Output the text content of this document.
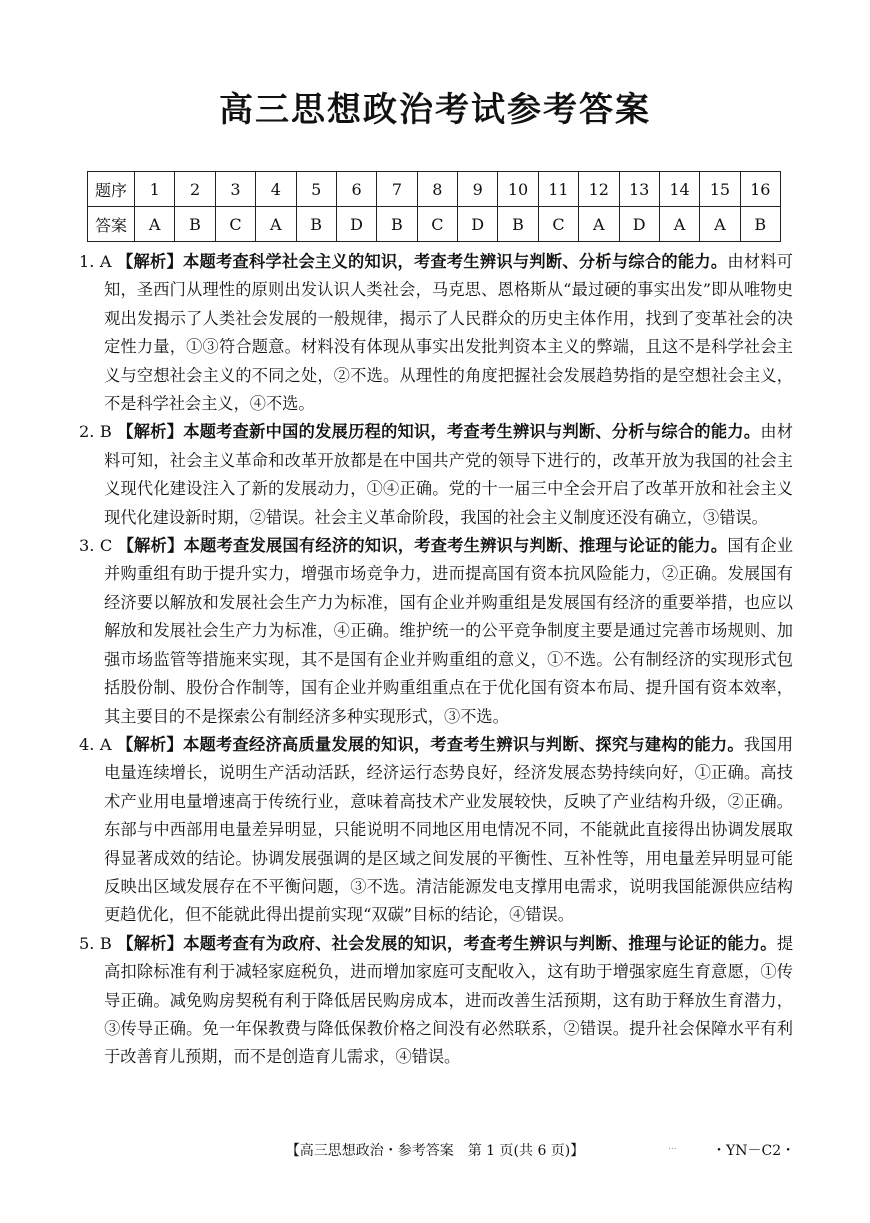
高三思想政治考试参考答案
题序	1	2	3	4	5	6	7	8	9	10	11	12	13	14	15	16
答案	A	B	C	A	B	D	B	C	D	B	C	A	D	A	A	B

1. A 【解析】本题考查科学社会主义的知识，考查考生辨识与判断、分析与综合的能力。由材料可知，圣西门从理性的原则出发认识人类社会，马克思、恩格斯从“最过硬的事实出发”即从唯物史观出发揭示了人类社会发展的一般规律，揭示了人民群众的历史主体作用，找到了变革社会的决定性力量，①③符合题意。材料没有体现从事实出发批判资本主义的弊端，且这不是科学社会主义与空想社会主义的不同之处，②不选。从理性的角度把握社会发展趋势指的是空想社会主义，不是科学社会主义，④不选。

2. B 【解析】本题考查新中国的发展历程的知识，考查考生辨识与判断、分析与综合的能力。由材料可知，社会主义革命和改革开放都是在中国共产党的领导下进行的，改革开放为我国的社会主义现代化建设注入了新的发展动力，①④正确。党的十一届三中全会开启了改革开放和社会主义现代化建设新时期，②错误。社会主义革命阶段，我国的社会主义制度还没有确立，③错误。

3. C 【解析】本题考查发展国有经济的知识，考查考生辨识与判断、推理与论证的能力。国有企业并购重组有助于提升实力，增强市场竞争力，进而提高国有资本抗风险能力，②正确。发展国有经济要以解放和发展社会生产力为标准，国有企业并购重组是发展国有经济的重要举措，也应以解放和发展社会生产力为标准，④正确。维护统一的公平竞争制度主要是通过完善市场规则、加强市场监管等措施来实现，其不是国有企业并购重组的意义，①不选。公有制经济的实现形式包括股份制、股份合作制等，国有企业并购重组重点在于优化国有资本布局、提升国有资本效率，其主要目的不是探索公有制经济多种实现形式，③不选。

4. A 【解析】本题考查经济高质量发展的知识，考查考生辨识与判断、探究与建构的能力。我国用电量连续增长，说明生产活动活跃，经济运行态势良好，经济发展态势持续向好，①正确。高技术产业用电量增速高于传统行业，意味着高技术产业发展较快，反映了产业结构升级，②正确。东部与中西部用电量差异明显，只能说明不同地区用电情况不同，不能就此直接得出协调发展取得显著成效的结论。协调发展强调的是区域之间发展的平衡性、互补性等，用电量差异明显可能反映出区域发展存在不平衡问题，③不选。清洁能源发电支撑用电需求，说明我国能源供应结构更趋优化，但不能就此得出提前实现“双碳”目标的结论，④错误。

5. B 【解析】本题考查有为政府、社会发展的知识，考查考生辨识与判断、推理与论证的能力。提高扣除标准有利于减轻家庭税负，进而增加家庭可支配收入，这有助于增强家庭生育意愿，①传导正确。减免购房契税有利于降低居民购房成本，进而改善生活预期，这有助于释放生育潜力，③传导正确。免一年保教费与降低保教价格之间没有必然联系，②错误。提升社会保障水平有利于改善育儿预期，而不是创造育儿需求，④错误。

【高三思想政治・参考答案　第 1 页(共 6 页)】	...	・YN－C2・
